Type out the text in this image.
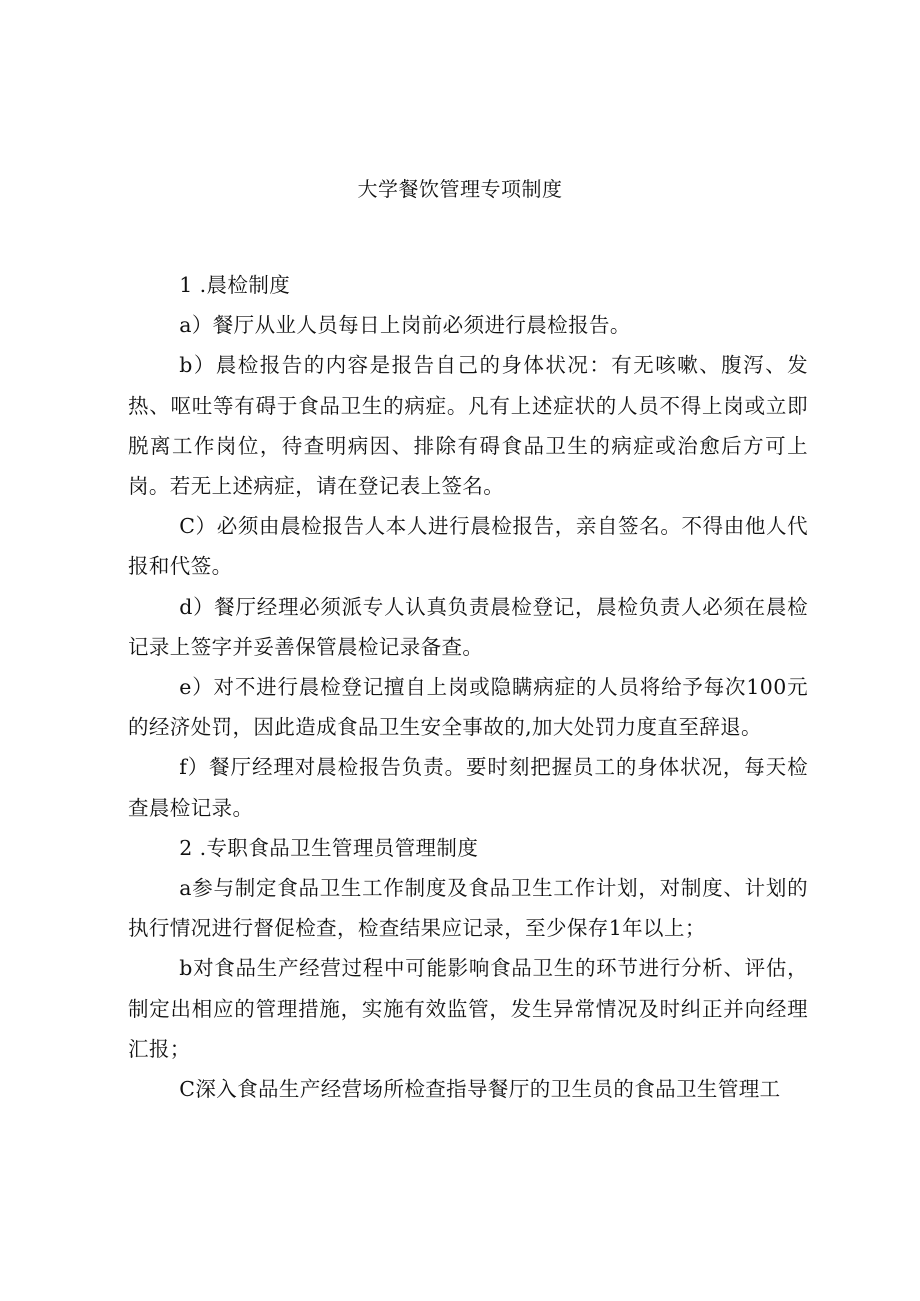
大学餐饮管理专项制度

1 .晨检制度

a）餐厅从业人员每日上岗前必须进行晨检报告。

b）晨检报告的内容是报告自己的身体状况：有无咳嗽、腹泻、发热、呕吐等有碍于食品卫生的病症。凡有上述症状的人员不得上岗或立即脱离工作岗位，待查明病因、排除有碍食品卫生的病症或治愈后方可上岗。若无上述病症，请在登记表上签名。

C）必须由晨检报告人本人进行晨检报告，亲自签名。不得由他人代报和代签。

d）餐厅经理必须派专人认真负责晨检登记，晨检负责人必须在晨检记录上签字并妥善保管晨检记录备查。

e）对不进行晨检登记擅自上岗或隐瞒病症的人员将给予每次100元的经济处罚，因此造成食品卫生安全事故的,加大处罚力度直至辞退。

f）餐厅经理对晨检报告负责。要时刻把握员工的身体状况，每天检查晨检记录。

2 .专职食品卫生管理员管理制度

a参与制定食品卫生工作制度及食品卫生工作计划，对制度、计划的执行情况进行督促检查，检查结果应记录，至少保存1年以上；

b对食品生产经营过程中可能影响食品卫生的环节进行分析、评估，制定出相应的管理措施，实施有效监管，发生异常情况及时纠正并向经理汇报；

C深入食品生产经营场所检查指导餐厅的卫生员的食品卫生管理工
